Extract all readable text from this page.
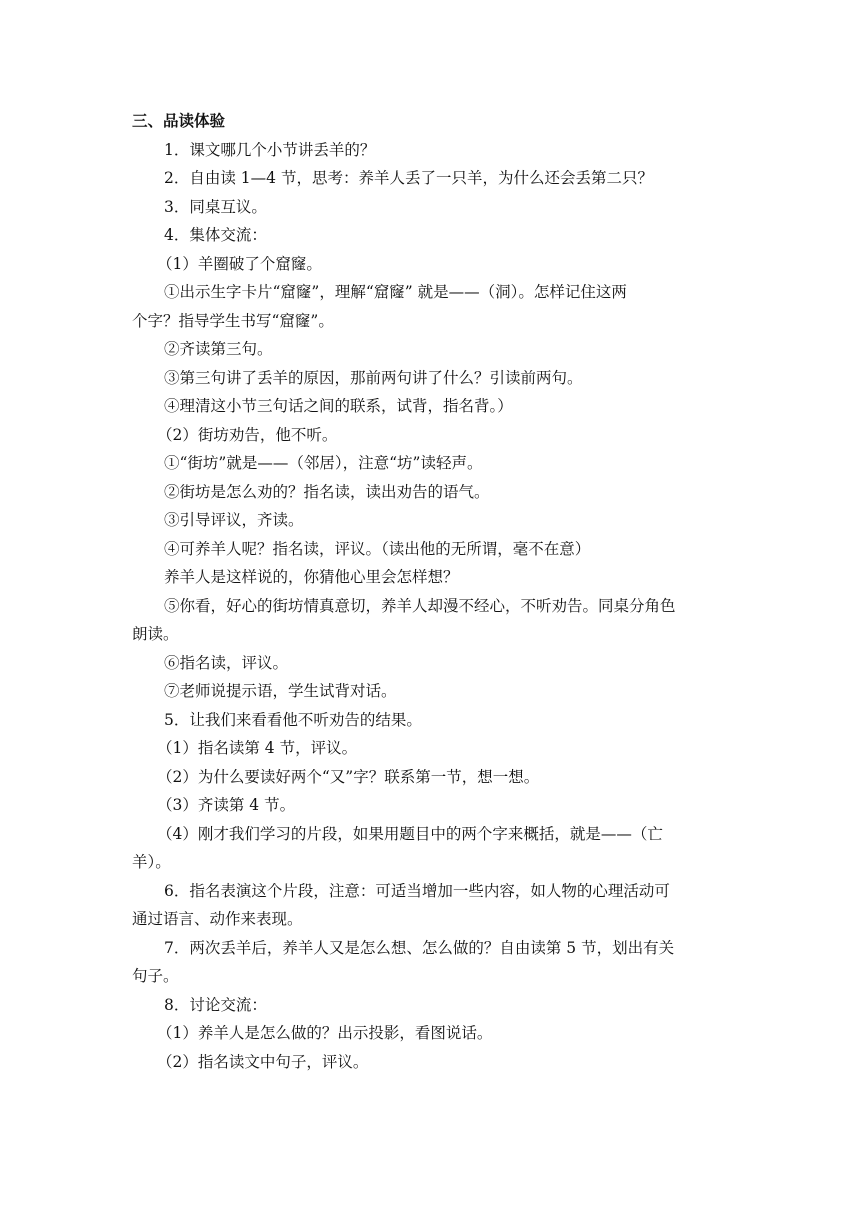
三、品读体验
1．课文哪几个小节讲丢羊的？
2．自由读 1—4 节，思考：养羊人丢了一只羊，为什么还会丢第二只？
3．同桌互议。
4．集体交流：
（1）羊圈破了个窟窿。
①出示生字卡片“窟窿”，理解“窟窿” 就是——（洞）。怎样记住这两
个字？指导学生书写“窟窿”。
②齐读第三句。
③第三句讲了丢羊的原因，那前两句讲了什么？引读前两句。
④理清这小节三句话之间的联系，试背，指名背。）
（2）街坊劝告，他不听。
①“街坊”就是——（邻居），注意“坊”读轻声。
②街坊是怎么劝的？指名读，读出劝告的语气。
③引导评议，齐读。
④可养羊人呢？指名读，评议。（读出他的无所谓，毫不在意）
养羊人是这样说的，你猜他心里会怎样想？
⑤你看，好心的街坊情真意切，养羊人却漫不经心，不听劝告。同桌分角色
朗读。
⑥指名读，评议。
⑦老师说提示语，学生试背对话。
5．让我们来看看他不听劝告的结果。
（1）指名读第 4 节，评议。
（2）为什么要读好两个“又”字？联系第一节，想一想。
（3）齐读第 4 节。
（4）刚才我们学习的片段，如果用题目中的两个字来概括，就是——（亡
羊）。
6．指名表演这个片段，注意：可适当增加一些内容，如人物的心理活动可
通过语言、动作来表现。
7．两次丢羊后，养羊人又是怎么想、怎么做的？自由读第 5 节，划出有关
句子。
8．讨论交流：
（1）养羊人是怎么做的？出示投影，看图说话。
（2）指名读文中句子，评议。
